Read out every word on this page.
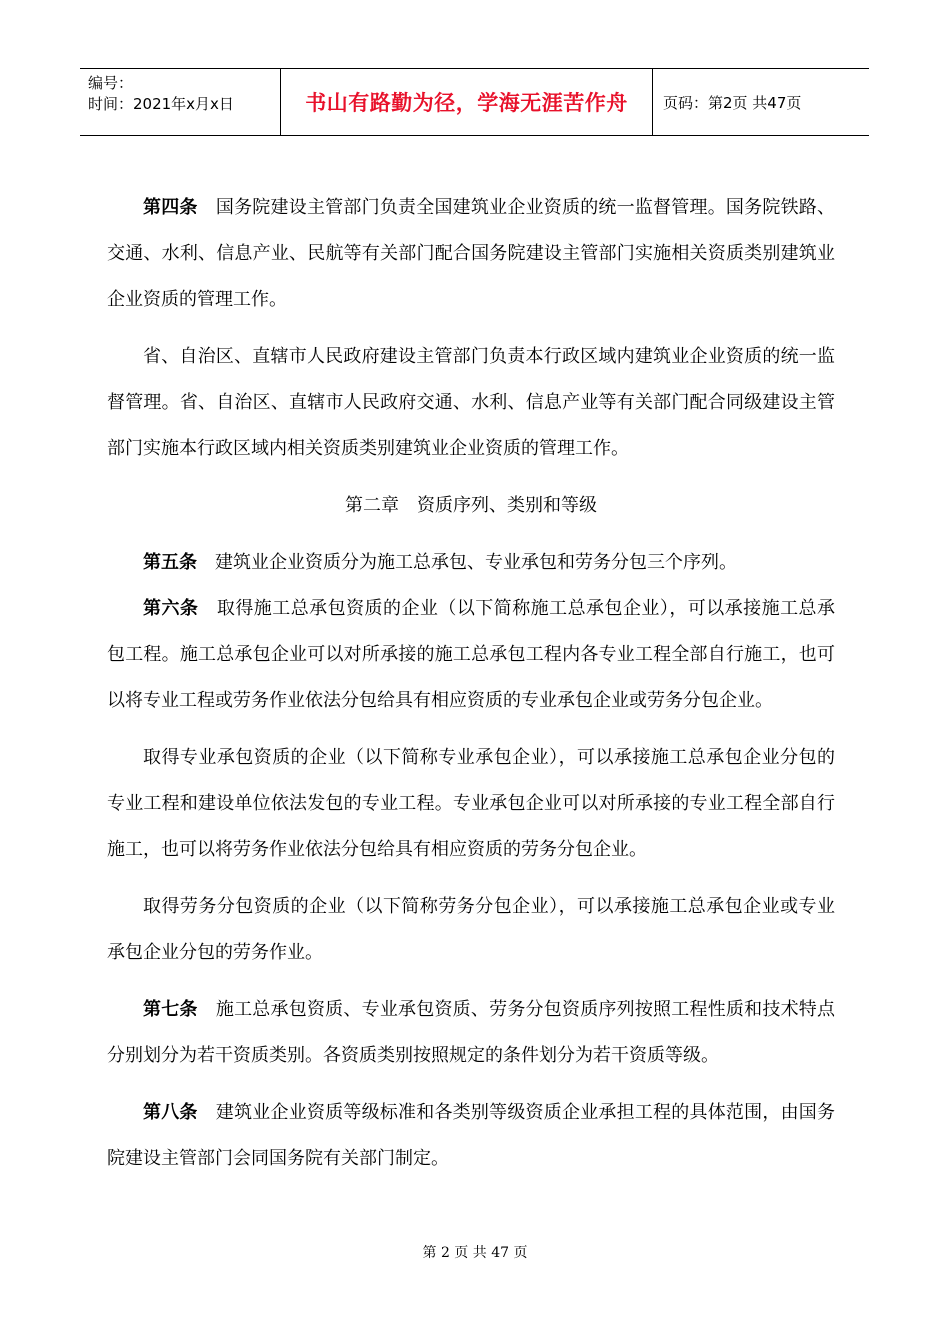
编号：
时间：2021年x月x日	书山有路勤为径，学海无涯苦作舟 页码：第2页 共47页

第四条　 国务院建设主管部门负责全国建筑业企业资质的统一监督管理。国务院铁路、交通、水利、信息产业、民航等有关部门配合国务院建设主管部门实施相关资质类别建筑业企业资质的管理工作。

省、自治区、直辖市人民政府建设主管部门负责本行政区域内建筑业企业资质的统一监督管理。省、自治区、直辖市人民政府交通、水利、信息产业等有关部门配合同级建设主管部门实施本行政区域内相关资质类别建筑业企业资质的管理工作。

第二章　资质序列、类别和等级

第五条　 建筑业企业资质分为施工总承包、专业承包和劳务分包三个序列。

第六条　 取得施工总承包资质的企业（以下简称施工总承包企业），可以承接施工总承包工程。施工总承包企业可以对所承接的施工总承包工程内各专业工程全部自行施工，也可以将专业工程或劳务作业依法分包给具有相应资质的专业承包企业或劳务分包企业。

取得专业承包资质的企业（以下简称专业承包企业），可以承接施工总承包企业分包的专业工程和建设单位依法发包的专业工程。专业承包企业可以对所承接的专业工程全部自行施工，也可以将劳务作业依法分包给具有相应资质的劳务分包企业。

取得劳务分包资质的企业（以下简称劳务分包企业），可以承接施工总承包企业或专业承包企业分包的劳务作业。

第七条　 施工总承包资质、专业承包资质、劳务分包资质序列按照工程性质和技术特点分别划分为若干资质类别。各资质类别按照规定的条件划分为若干资质等级。

第八条　 建筑业企业资质等级标准和各类别等级资质企业承担工程的具体范围，由国务院建设主管部门会同国务院有关部门制定。

第 2 页 共 47 页
